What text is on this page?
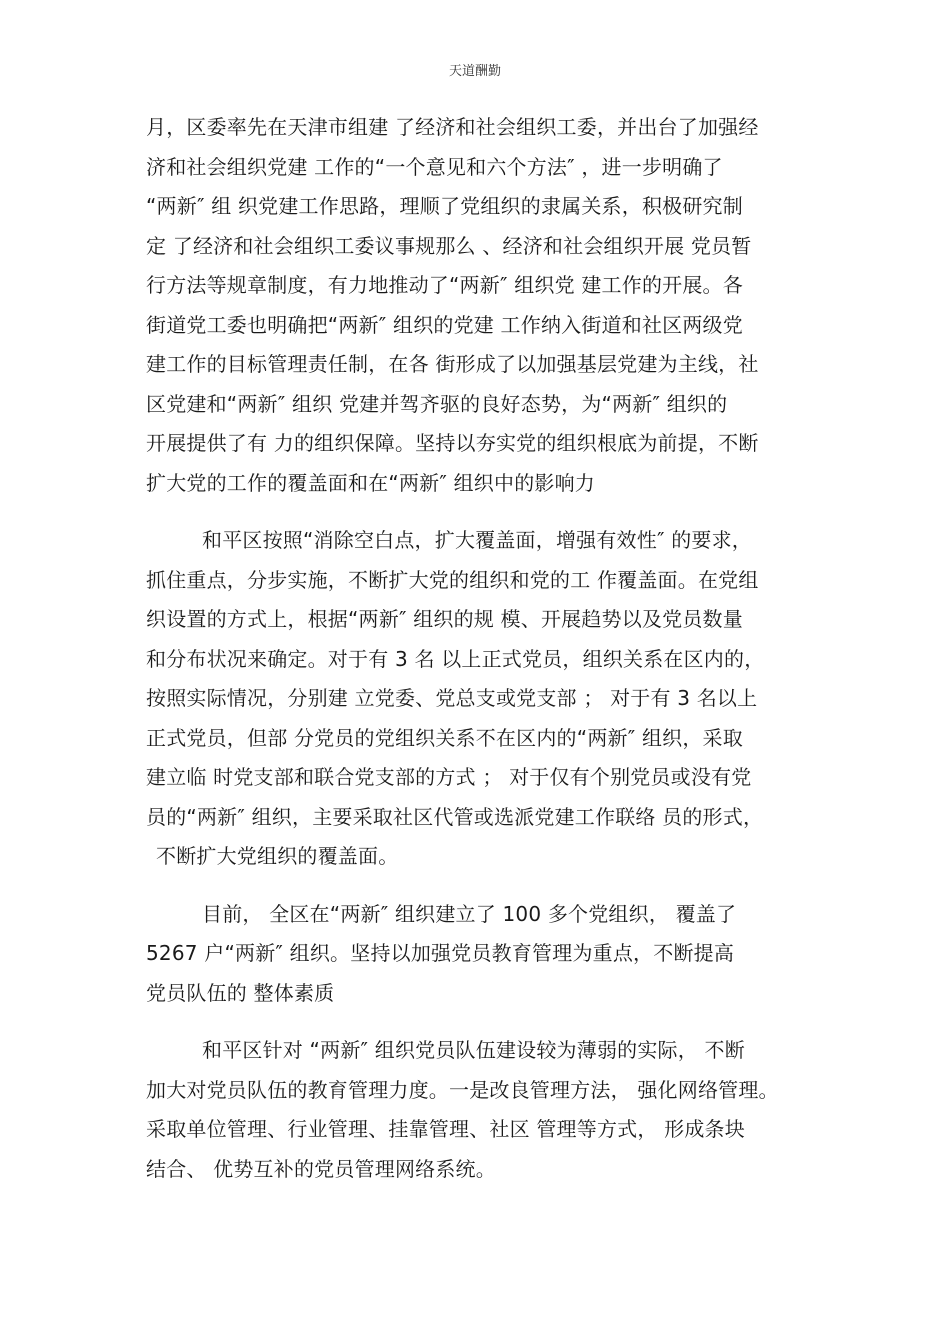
天道酬勤
月，区委率先在天津市组建 了经济和社会组织工委，并出台了加强经
济和社会组织党建 工作的“一个意见和六个方法″ ，进一步明确了
“两新″ 组 织党建工作思路，理顺了党组织的隶属关系，积极研究制
定 了经济和社会组织工委议事规那么 、经济和社会组织开展 党员暂
行方法等规章制度，有力地推动了“两新″ 组织党 建工作的开展。各
街道党工委也明确把“两新″ 组织的党建 工作纳入街道和社区两级党
建工作的目标管理责任制，在各 街形成了以加强基层党建为主线，社
区党建和“两新″ 组织 党建并驾齐驱的良好态势，为“两新″ 组织的
开展提供了有 力的组织保障。坚持以夯实党的组织根底为前提，不断
扩大党的工作的覆盖面和在“两新″ 组织中的影响力
和平区按照“消除空白点，扩大覆盖面，增强有效性″ 的要求，
抓住重点，分步实施，不断扩大党的组织和党的工 作覆盖面。在党组
织设置的方式上，根据“两新″ 组织的规 模、开展趋势以及党员数量
和分布状况来确定。对于有 3 名 以上正式党员，组织关系在区内的，
按照实际情况，分别建 立党委、党总支或党支部 ； 对于有 3 名以上
正式党员，但部 分党员的党组织关系不在区内的“两新″ 组织，采取
建立临 时党支部和联合党支部的方式 ； 对于仅有个别党员或没有党
员的“两新″ 组织，主要采取社区代管或选派党建工作联络 员的形式，
不断扩大党组织的覆盖面。
目前， 全区在“两新″ 组织建立了 100 多个党组织， 覆盖了
5267 户“两新″ 组织。坚持以加强党员教育管理为重点，不断提高
党员队伍的 整体素质
和平区针对 “两新″ 组织党员队伍建设较为薄弱的实际， 不断
加大对党员队伍的教育管理力度。一是改良管理方法， 强化网络管理。
采取单位管理、行业管理、挂靠管理、社区 管理等方式， 形成条块
结合、 优势互补的党员管理网络系统。
